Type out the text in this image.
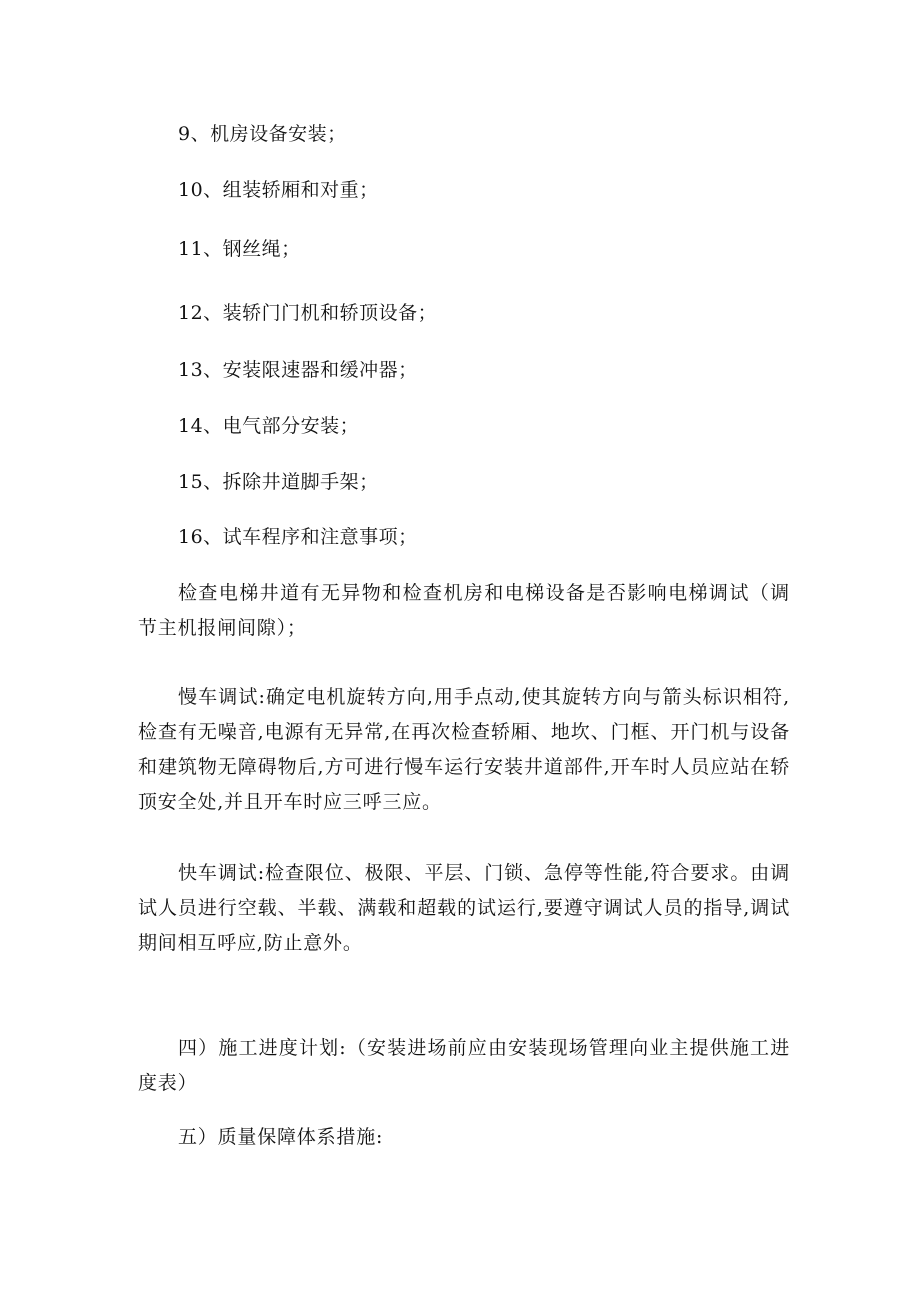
9、机房设备安装；
10、组装轿厢和对重；
11、钢丝绳；
12、装轿门门机和轿顶设备；
13、安装限速器和缓冲器；
14、电气部分安装；
15、拆除井道脚手架；
16、试车程序和注意事项；
检查电梯井道有无异物和检查机房和电梯设备是否影响电梯调试（调节主机报闸间隙）；
慢车调试:确定电机旋转方向,用手点动,使其旋转方向与箭头标识相符,检查有无噪音,电源有无异常,在再次检查轿厢、地坎、门框、开门机与设备和建筑物无障碍物后,方可进行慢车运行安装井道部件,开车时人员应站在轿顶安全处,并且开车时应三呼三应。
快车调试:检查限位、极限、平层、门锁、急停等性能,符合要求。由调试人员进行空载、半载、满载和超载的试运行,要遵守调试人员的指导,调试期间相互呼应,防止意外。
四）施工进度计划:（安装进场前应由安装现场管理向业主提供施工进度表）
五）质量保障体系措施:
